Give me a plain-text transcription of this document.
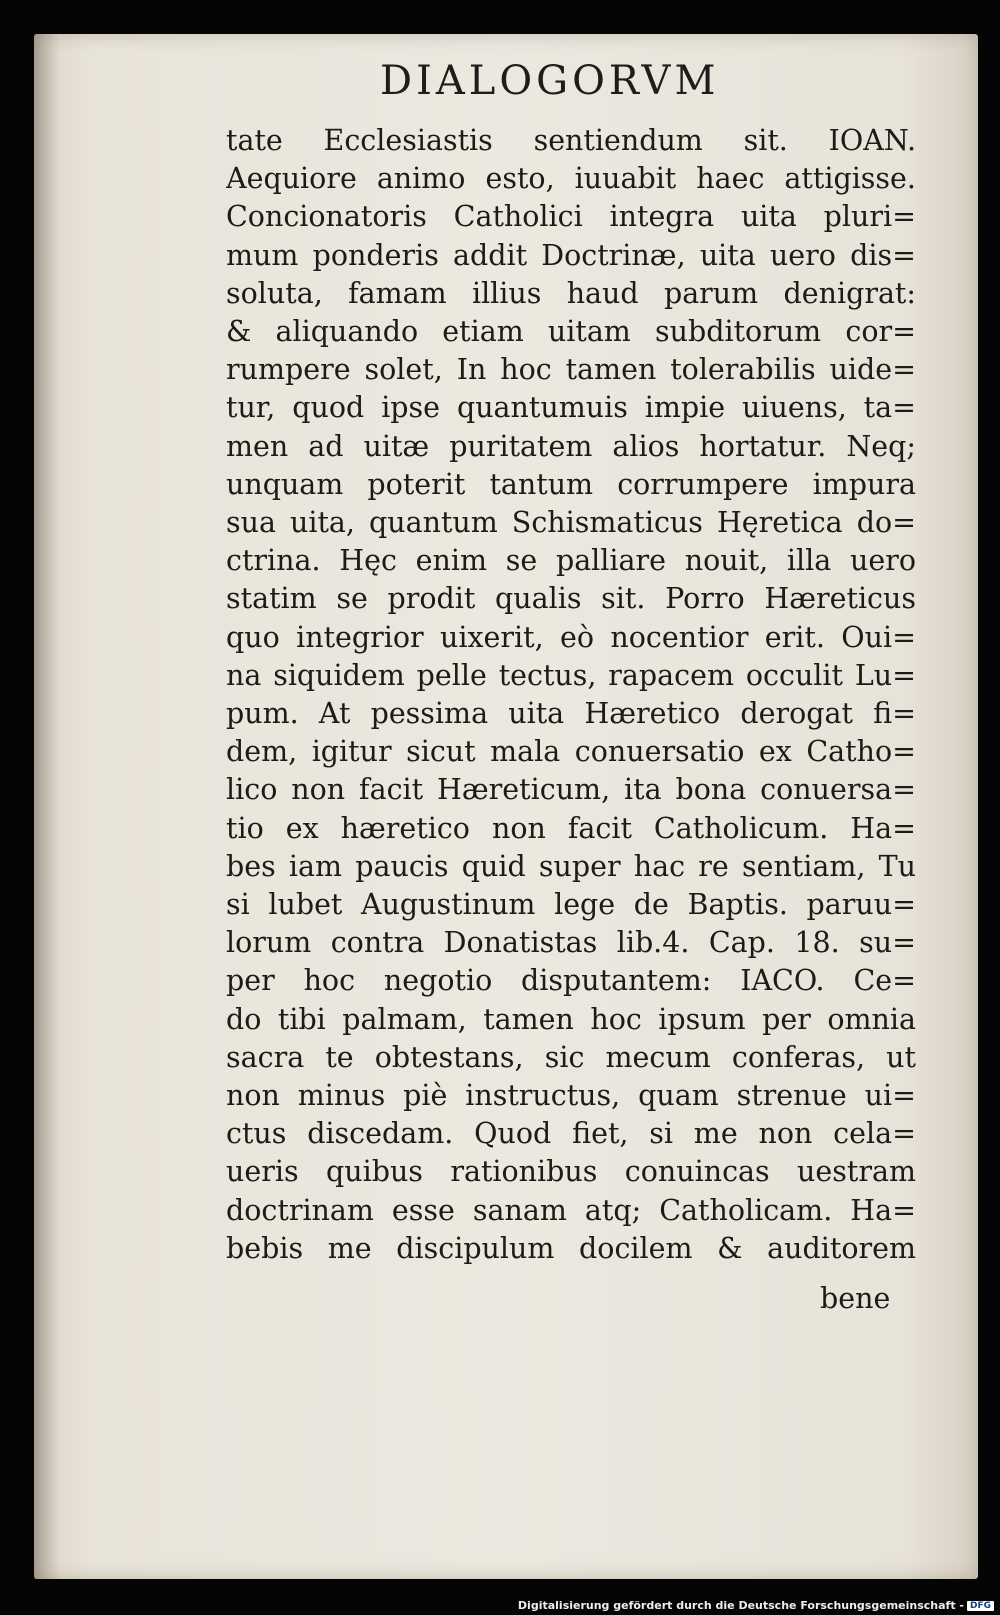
DIALOGORVM
tate Ecclesiastis sentiendum sit. IOAN.
Aequiore animo esto, iuuabit haec attigisse.
Concionatoris Catholici integra uita pluri=
mum ponderis addit Doctrinæ, uita uero dis=
soluta, famam illius haud parum denigrat:
& aliquando etiam uitam subditorum cor=
rumpere solet, In hoc tamen tolerabilis uide=
tur, quod ipse quantumuis impie uiuens, ta=
men ad uitæ puritatem alios hortatur. Neq;
unquam poterit tantum corrumpere impura
sua uita, quantum Schismaticus Hęretica do=
ctrina. Hęc enim se palliare nouit, illa uero
statim se prodit qualis sit. Porro Hæreticus
quo integrior uixerit, eò nocentior erit. Oui=
na siquidem pelle tectus, rapacem occulit Lu=
pum. At pessima uita Hæretico derogat fi=
dem, igitur sicut mala conuersatio ex Catho=
lico non facit Hæreticum, ita bona conuersa=
tio ex hæretico non facit Catholicum. Ha=
bes iam paucis quid super hac re sentiam, Tu
si lubet Augustinum lege de Baptis. paruu=
lorum contra Donatistas lib.4. Cap. 18. su=
per hoc negotio disputantem: IACO. Ce=
do tibi palmam, tamen hoc ipsum per omnia
sacra te obtestans, sic mecum conferas, ut
non minus piè instructus, quam strenue ui=
ctus discedam. Quod fiet, si me non cela=
ueris quibus rationibus conuincas uestram
doctrinam esse sanam atq; Catholicam. Ha=
bebis me discipulum docilem & auditorem
bene
Digitalisierung gefördert durch die Deutsche Forschungsgemeinschaft - DFG
